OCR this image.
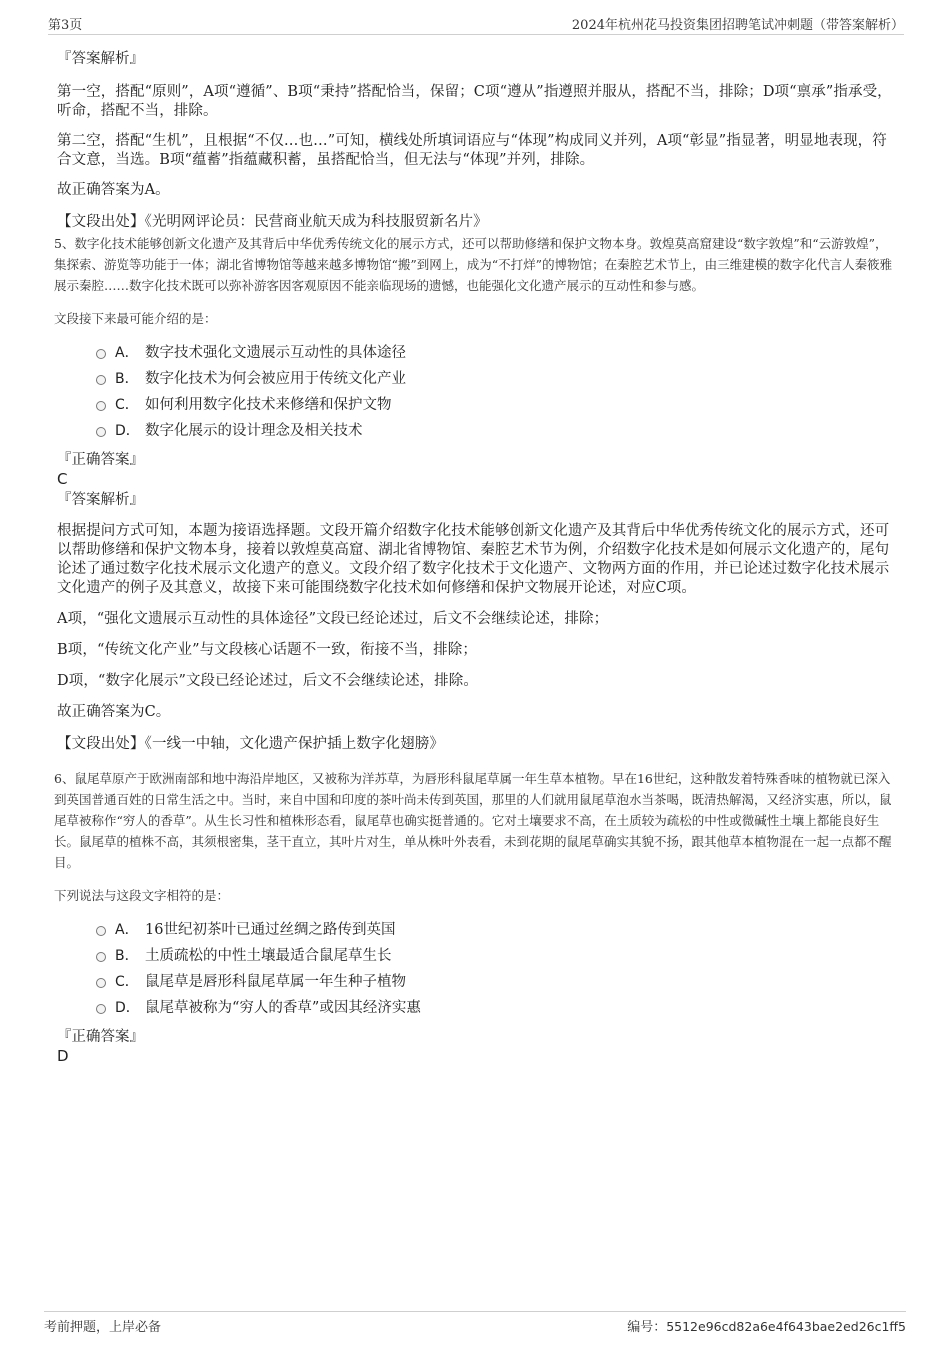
第3页	2024年杭州花马投资集团招聘笔试冲刺题（带答案解析）

『答案解析』

第一空，搭配“原则”，A项“遵循”、B项“秉持”搭配恰当，保留；C项“遵从”指遵照并服从，搭配不当，排除；D项“禀承”指承受，听命，搭配不当，排除。

第二空，搭配“生机”，且根据“不仅…也…”可知，横线处所填词语应与“体现”构成同义并列，A项“彰显”指显著，明显地表现，符合文意，当选。B项“蕴蓄”指蕴藏积蓄，虽搭配恰当，但无法与“体现”并列，排除。

故正确答案为A。

【文段出处】《光明网评论员：民营商业航天成为科技服贸新名片》

5、数字化技术能够创新文化遗产及其背后中华优秀传统文化的展示方式，还可以帮助修缮和保护文物本身。敦煌莫高窟建设“数字敦煌”和“云游敦煌”，集探索、游览等功能于一体；湖北省博物馆等越来越多博物馆“搬”到网上，成为“不打烊”的博物馆；在秦腔艺术节上，由三维建模的数字化代言人秦筱雅展示秦腔……数字化技术既可以弥补游客因客观原因不能亲临现场的遗憾，也能强化文化遗产展示的互动性和参与感。

文段接下来最可能介绍的是：

A． 数字技术强化文遗展示互动性的具体途径
B． 数字化技术为何会被应用于传统文化产业
C． 如何利用数字化技术来修缮和保护文物
D． 数字化展示的设计理念及相关技术

『正确答案』

C

『答案解析』

根据提问方式可知，本题为接语选择题。文段开篇介绍数字化技术能够创新文化遗产及其背后中华优秀传统文化的展示方式，还可以帮助修缮和保护文物本身，接着以敦煌莫高窟、湖北省博物馆、秦腔艺术节为例，介绍数字化技术是如何展示文化遗产的，尾句论述了通过数字化技术展示文化遗产的意义。文段介绍了数字化技术于文化遗产、文物两方面的作用，并已论述过数字化技术展示文化遗产的例子及其意义，故接下来可能围绕数字化技术如何修缮和保护文物展开论述，对应C项。

A项，“强化文遗展示互动性的具体途径”文段已经论述过，后文不会继续论述，排除；

B项，“传统文化产业”与文段核心话题不一致，衔接不当，排除；

D项，“数字化展示”文段已经论述过，后文不会继续论述，排除。

故正确答案为C。

【文段出处】《一线一中轴，文化遗产保护插上数字化翅膀》

6、鼠尾草原产于欧洲南部和地中海沿岸地区，又被称为洋苏草，为唇形科鼠尾草属一年生草本植物。早在16世纪，这种散发着特殊香味的植物就已深入到英国普通百姓的日常生活之中。当时，来自中国和印度的茶叶尚未传到英国，那里的人们就用鼠尾草泡水当茶喝，既清热解渴，又经济实惠，所以，鼠尾草被称作“穷人的香草”。从生长习性和植株形态看，鼠尾草也确实挺普通的。它对土壤要求不高，在土质较为疏松的中性或微碱性土壤上都能良好生长。鼠尾草的植株不高，其须根密集，茎干直立，其叶片对生，单从株叶外表看，未到花期的鼠尾草确实其貌不扬，跟其他草本植物混在一起一点都不醒目。

下列说法与这段文字相符的是：

A． 16世纪初茶叶已通过丝绸之路传到英国
B． 土质疏松的中性土壤最适合鼠尾草生长
C． 鼠尾草是唇形科鼠尾草属一年生种子植物
D． 鼠尾草被称为“穷人的香草”或因其经济实惠

『正确答案』

D

考前押题，上岸必备	编号：5512e96cd82a6e4f643bae2ed26c1ff5
